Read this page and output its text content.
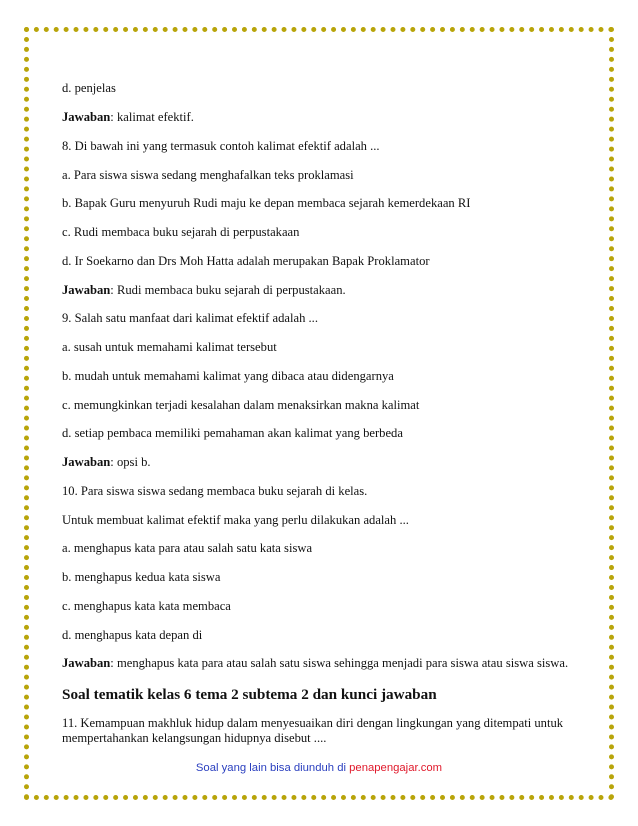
d. penjelas
Jawaban: kalimat efektif.
8. Di bawah ini yang termasuk contoh kalimat efektif adalah ...
a. Para siswa siswa sedang menghafalkan teks proklamasi
b. Bapak Guru menyuruh Rudi maju ke depan membaca sejarah kemerdekaan RI
c. Rudi membaca buku sejarah di perpustakaan
d. Ir Soekarno dan Drs Moh Hatta adalah merupakan Bapak Proklamator
Jawaban: Rudi membaca buku sejarah di perpustakaan.
9. Salah satu manfaat dari kalimat efektif adalah ...
a. susah untuk memahami kalimat tersebut
b. mudah untuk memahami kalimat yang dibaca atau didengarnya
c. memungkinkan terjadi kesalahan dalam menaksirkan makna kalimat
d. setiap pembaca memiliki pemahaman akan kalimat yang berbeda
Jawaban: opsi b.
10. Para siswa siswa sedang membaca buku sejarah di kelas.
Untuk membuat kalimat efektif maka yang perlu dilakukan adalah ...
a. menghapus kata para atau salah satu kata siswa
b. menghapus kedua kata siswa
c. menghapus kata kata membaca
d. menghapus kata depan di
Jawaban: menghapus kata para atau salah satu siswa sehingga menjadi para siswa atau siswa siswa.
Soal tematik kelas 6 tema 2 subtema 2 dan kunci jawaban
11. Kemampuan makhluk hidup dalam menyesuaikan diri dengan lingkungan yang ditempati untuk mempertahankan kelangsungan hidupnya disebut ....
Soal yang lain bisa diunduh di penapengajar.com
